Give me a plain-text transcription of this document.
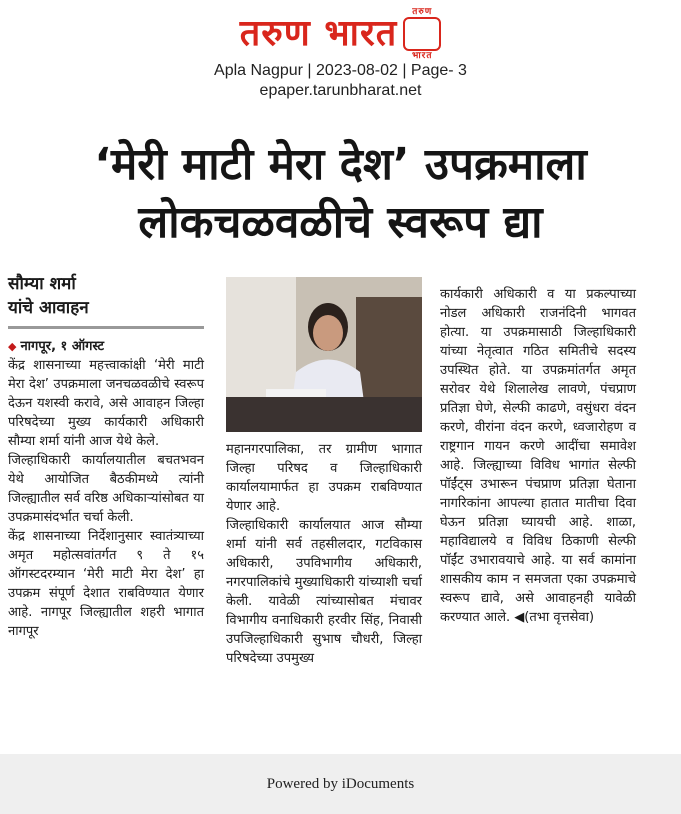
तरुण भारत
तरुण भारत
Apla Nagpur | 2023-08-02 | Page- 3
epaper.tarunbharat.net
‘मेरी माटी मेरा देश’ उपक्रमाला
लोकचळवळीचे स्वरूप द्या
सौम्या शर्मा
यांचे आवाहन
◆ नागपूर, १ ऑगस्ट

केंद्र शासनाच्या महत्त्वाकांक्षी ‘मेरी माटी मेरा देश’ उपक्रमाला जनचळवळीचे स्वरूप देऊन यशस्वी करावे, असे आवाहन जिल्हा परिषदेच्या मुख्य कार्यकारी अधिकारी सौम्या शर्मा यांनी आज येथे केले.

जिल्हाधिकारी कार्यालयातील बचतभवन येथे आयोजित बैठकीमध्ये त्यांनी जिल्ह्यातील सर्व वरिष्ठ अधिकाऱ्यांसोबत या उपक्रमासंदर्भात चर्चा केली.

केंद्र शासनाच्या निर्देशानुसार स्वातंत्र्याच्या अमृत महोत्सवांतर्गत ९ ते १५ ऑगस्टदरम्यान ‘मेरी माटी मेरा देश’ हा उपक्रम संपूर्ण देशात राबविण्यात येणार आहे. नागपूर जिल्ह्यातील शहरी भागात नागपूर

महानगरपालिका, तर ग्रामीण भागात जिल्हा परिषद व जिल्हाधिकारी कार्यालयामार्फत हा उपक्रम राबविण्यात येणार आहे.

जिल्हाधिकारी कार्यालयात आज सौम्या शर्मा यांनी सर्व तहसीलदार, गटविकास अधिकारी, उपविभागीय अधिकारी, नगरपालिकांचे मुख्याधिकारी यांच्याशी चर्चा केली. यावेळी त्यांच्यासोबत मंचावर विभागीय वनाधिकारी हरवीर सिंह, निवासी उपजिल्हाधिकारी सुभाष चौधरी, जिल्हा परिषदेच्या उपमुख्य

कार्यकारी अधिकारी व या प्रकल्पाच्या नोडल अधिकारी राजनंदिनी भागवत होत्या. या उपक्रमासाठी जिल्हाधिकारी यांच्या नेतृत्वात गठित समितीचे सदस्य उपस्थित होते. या उपक्रमांतर्गत अमृत सरोवर येथे शिलालेख लावणे, पंचप्राण प्रतिज्ञा घेणे, सेल्फी काढणे, वसुंधरा वंदन करणे, वीरांना वंदन करणे, ध्वजारोहण व राष्ट्रगान गायन करणे आदींचा समावेश आहे. जिल्ह्याच्या विविध भागांत सेल्फी पॉईंट्स उभारून पंचप्राण प्रतिज्ञा घेताना नागरिकांना आपल्या हातात मातीचा दिवा घेऊन प्रतिज्ञा घ्यायची आहे. शाळा, महाविद्यालये व विविध ठिकाणी सेल्फी पॉईंट उभारावयाचे आहे. या सर्व कामांना शासकीय काम न समजता एका उपक्रमाचे स्वरूप द्यावे, असे आवाहनही यावेळी करण्यात आले. ◀(तभा वृत्तसेवा)

Powered by iDocuments
